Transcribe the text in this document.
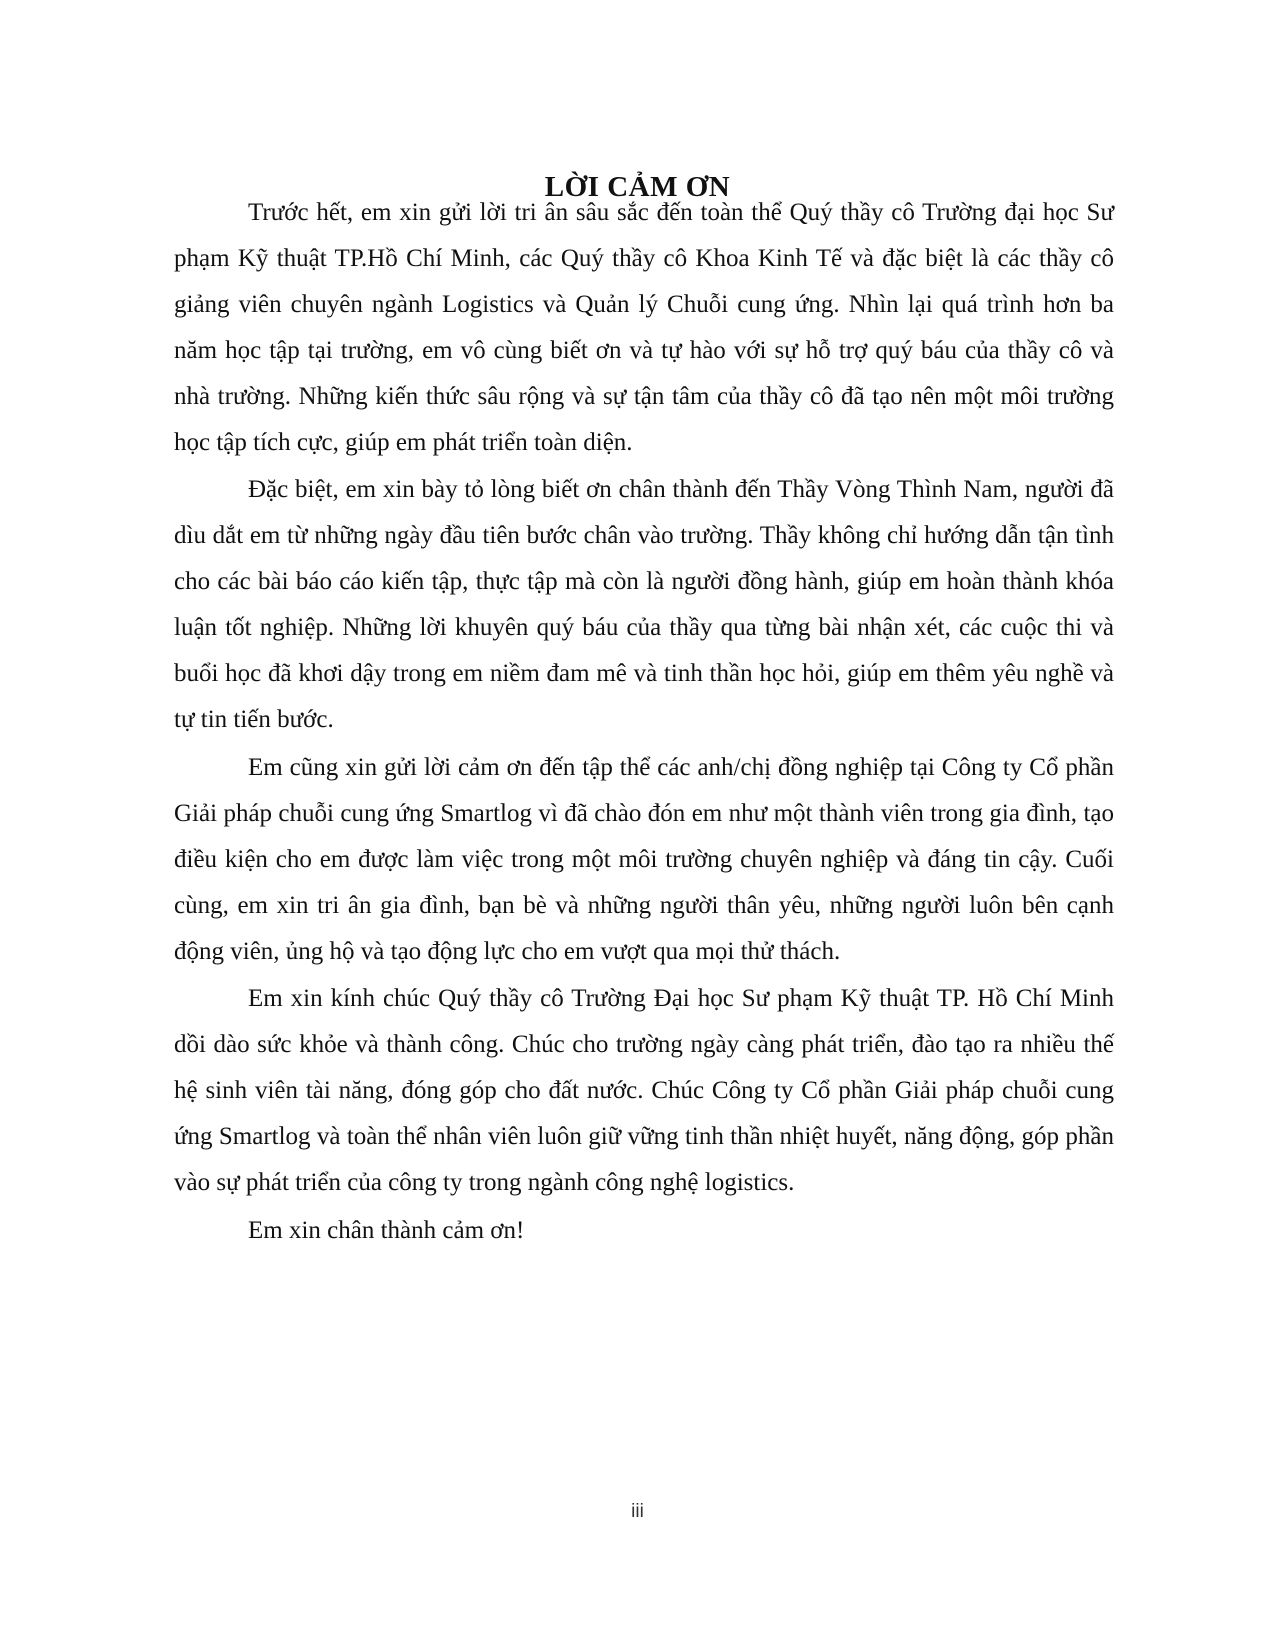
LỜI CẢM ƠN

Trước hết, em xin gửi lời tri ân sâu sắc đến toàn thể Quý thầy cô Trường đại học Sư phạm Kỹ thuật TP.Hồ Chí Minh, các Quý thầy cô Khoa Kinh Tế và đặc biệt là các thầy cô giảng viên chuyên ngành Logistics và Quản lý Chuỗi cung ứng. Nhìn lại quá trình hơn ba năm học tập tại trường, em vô cùng biết ơn và tự hào với sự hỗ trợ quý báu của thầy cô và nhà trường. Những kiến thức sâu rộng và sự tận tâm của thầy cô đã tạo nên một môi trường học tập tích cực, giúp em phát triển toàn diện.

Đặc biệt, em xin bày tỏ lòng biết ơn chân thành đến Thầy Vòng Thình Nam, người đã dìu dắt em từ những ngày đầu tiên bước chân vào trường. Thầy không chỉ hướng dẫn tận tình cho các bài báo cáo kiến tập, thực tập mà còn là người đồng hành, giúp em hoàn thành khóa luận tốt nghiệp. Những lời khuyên quý báu của thầy qua từng bài nhận xét, các cuộc thi và buổi học đã khơi dậy trong em niềm đam mê và tinh thần học hỏi, giúp em thêm yêu nghề và tự tin tiến bước.

Em cũng xin gửi lời cảm ơn đến tập thể các anh/chị đồng nghiệp tại Công ty Cổ phần Giải pháp chuỗi cung ứng Smartlog vì đã chào đón em như một thành viên trong gia đình, tạo điều kiện cho em được làm việc trong một môi trường chuyên nghiệp và đáng tin cậy. Cuối cùng, em xin tri ân gia đình, bạn bè và những người thân yêu, những người luôn bên cạnh động viên, ủng hộ và tạo động lực cho em vượt qua mọi thử thách.

Em xin kính chúc Quý thầy cô Trường Đại học Sư phạm Kỹ thuật TP. Hồ Chí Minh dồi dào sức khỏe và thành công. Chúc cho trường ngày càng phát triển, đào tạo ra nhiều thế hệ sinh viên tài năng, đóng góp cho đất nước. Chúc Công ty Cổ phần Giải pháp chuỗi cung ứng Smartlog và toàn thể nhân viên luôn giữ vững tinh thần nhiệt huyết, năng động, góp phần vào sự phát triển của công ty trong ngành công nghệ logistics.

Em xin chân thành cảm ơn!

iii
